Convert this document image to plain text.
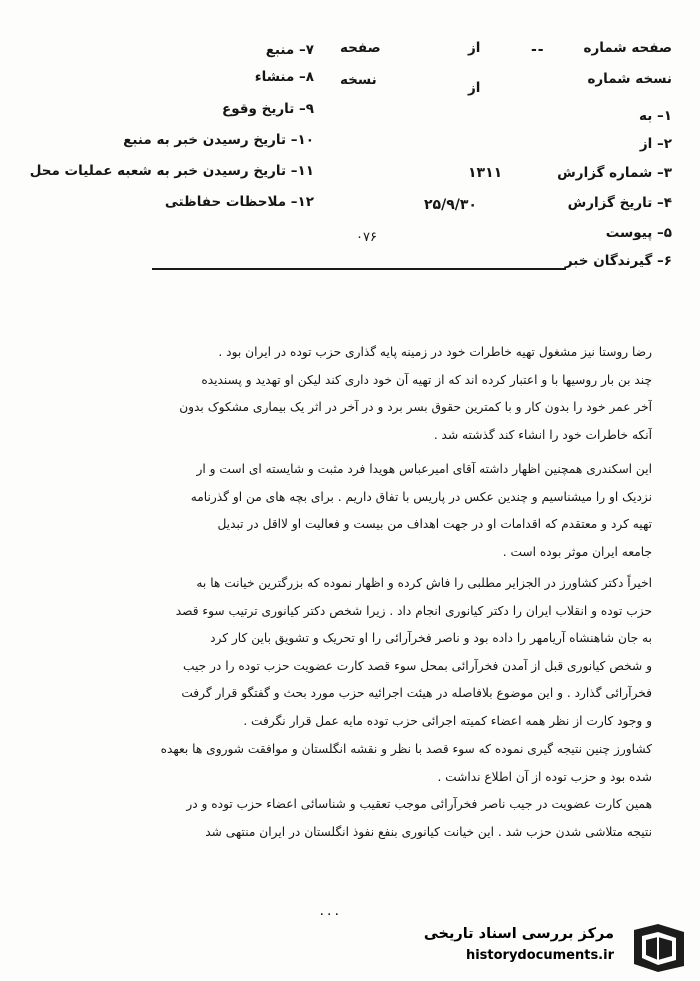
صفحه شماره
نسخه شماره
۱– به
۲– از
۳– شماره گزارش
۴– تاریخ گزارش
۵– پیوست
۶– گیرندگان خبر
--
۱۳۱۱
۲۵/۹/۳۰
از
از
صفحه
نسخه
۷– منبع
۸– منشاء
۹– تاریخ وقوع
۱۰– تاریخ رسیدن خبر به منبع
۱۱– تاریخ رسیدن خبر به شعبه عملیات محل
۱۲– ملاحظات حفاظتی
۰۷۶
رضا روستا نیز مشغول تهیه خاطرات خود در زمینه پایه گذاری حزب توده در ایران بود .
چند بن بار روسیها با و اعتبار کرده اند که از تهیه آن خود داری کند لیکن او تهدید و پسندیده
آخر عمر خود را بدون کار و با کمترین حقوق بسر برد و در آخر در اثر یک بیماری مشکوک بدون
آنکه خاطرات خود را انشاء کند گذشته شد .
این اسکندری همچنین اظهار داشته آقای امیرعباس هویدا فرد مثبت و شایسته ای است و ار
نزدیک او را میشناسیم و چندین عکس در پاریس با تفاق داریم . برای بچه های من او گذرنامه
تهیه کرد و معتقدم که اقدامات او در جهت اهداف من بیست و فعالیت او لااقل در تبدیل
جامعه ایران موثر بوده است .
اخیراً دکتر کشاورز در الجزایر مطلبی را فاش کرده و اظهار نموده که بزرگترین خیانت ها به
حزب توده و انقلاب ایران را دکتر کیانوری انجام داد . زیرا شخص دکتر کیانوری ترتیب سوء قصد
به جان شاهنشاه آریامهر را داده بود و ناصر فخرآرائی را او تحریک و تشویق باین کار کرد
و شخص کیانوری قبل از آمدن فخرآرائی بمحل سوء قصد کارت عضویت حزب توده را در جیب
فخرآرائی گذارد . و این موضوع بلافاصله در هیئت اجرائیه حزب مورد بحث و گفتگو قرار گرفت
و وجود کارت از نظر همه اعضاء کمیته اجرائی حزب توده مایه عمل قرار نگرفت .
کشاورز چنین نتیجه گیری نموده که سوء قصد با نظر و نقشه انگلستان و موافقت شوروی ها بعهده
شده بود و حزب توده از آن اطلاع نداشت .
همین کارت عضویت در جیب ناصر فخرآرائی موجب تعقیب و شناسائی اعضاء حزب توده و در
نتیجه متلاشی شدن حزب شد . این خیانت کیانوری بنفع نفوذ انگلستان در ایران منتهی شد
۰۰۰
مرکز بررسی اسناد تاریخی
historydocuments.ir
